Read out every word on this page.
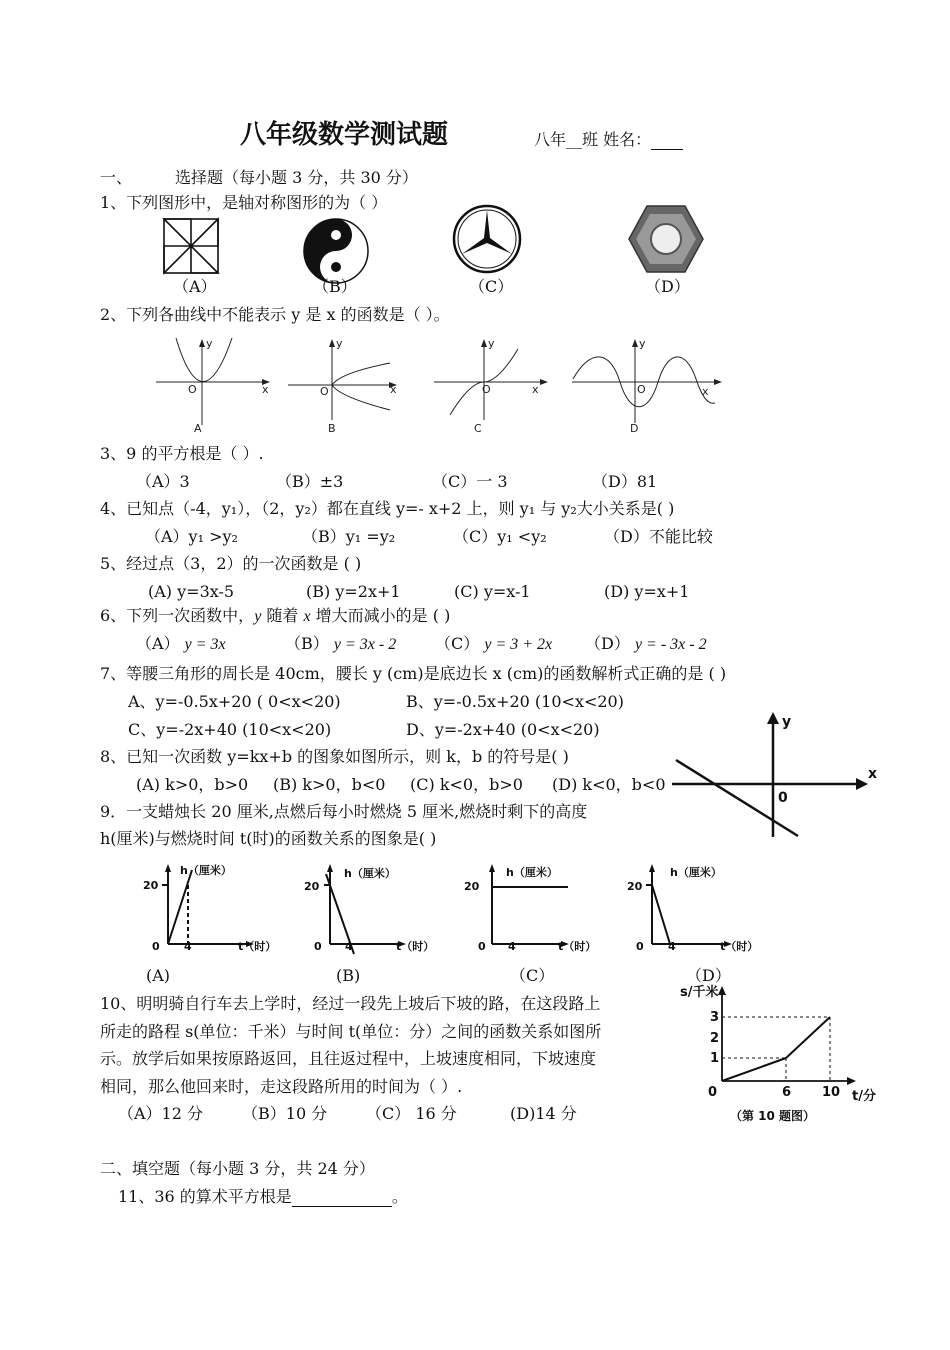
八年级数学测试题	八年__班 姓名：
一、	选择题（每小题 3 分，共 30 分）
1、下列图形中，是轴对称图形的为（ ）
（A）	（B）	（C）	（D）
2、下列各曲线中不能表示 y 是 x 的函数是（ ）。
y
x
O
y
x
O
y
x
O
y
x
O
A	B	C	D
3、9 的平方根是（ ）.
（A）3	（B）±3	（C）一 3	（D）81
4、已知点（-4，y₁），（2，y₂）都在直线 y=- x+2 上，则 y₁ 与 y₂大小关系是( )
（A）y₁ >y₂	（B）y₁ =y₂	（C）y₁ <y₂	（D）不能比较
5、经过点（3，2）的一次函数是 ( )
(A) y=3x-5	(B) y=2x+1	(C) y=x-1	(D) y=x+1
6、下列一次函数中，y 随着 x 增大而减小的是 ( )
（A） y = 3x	（B） y = 3x - 2 （C） y = 3 + 2x （D） y = - 3x - 2
7、等腰三角形的周长是 40cm，腰长 y (cm)是底边长 x (cm)的函数解析式正确的是 ( )
A、y=-0.5x+20 ( 0<x<20)	B、y=-0.5x+20 (10<x<20)
C、y=-2x+40 (10<x<20)	D、y=-2x+40 (0<x<20)
8、已知一次函数 y=kx+b 的图象如图所示，则 k，b 的符号是( )
(A) k>0，b>0 (B) k>0，b<0 (C) k<0，b>0 (D) k<0，b<0
y
x
0
9．一支蜡烛长 20 厘米,点燃后每小时燃烧 5 厘米,燃烧时剩下的高度
h(厘米)与燃烧时间 t(时)的函数关系的图象是( )
h（厘米）
20
0 4	t（时）
h（厘米）
20
0 4	t（时）
h（厘米）
20
0 4	t（时）
h（厘米）
20
0 4	t（时）
(A)	(B)	（C）	（D）
10、明明骑自行车去上学时，经过一段先上坡后下坡的路，在这段路上
所走的路程 s(单位：千米）与时间 t(单位：分）之间的函数关系如图所
示。放学后如果按原路返回，且往返过程中，上坡速度相同，下坡速度
相同，那么他回来时，走这段路所用的时间为（ ）.
（A）12 分 （B）10 分 （C） 16 分	(D)14 分
s/千米
1
2
3
0	6 10 t/分
（第 10 题图）
二、填空题（每小题 3 分，共 24 分）
11、36 的算术平方根是	。
